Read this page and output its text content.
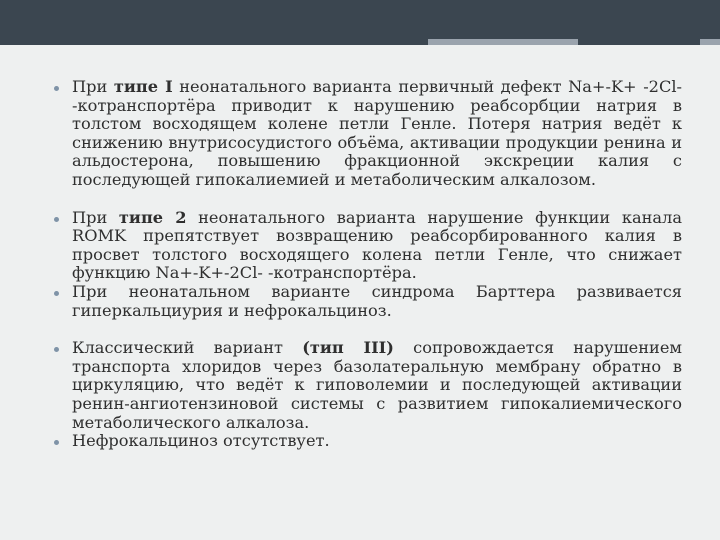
При типе I неонатального варианта первичный дефект Na+-K+ -2Cl- -котранспортёра приводит к нарушению реабсорбции натрия в толстом восходящем колене петли Генле. Потеря натрия ведёт к снижению внутрисосудистого объёма, активации продукции ренина и альдостерона, повышению фракционной экскреции калия с последующей гипокалиемией и метаболическим алкалозом.

При типе 2 неонатального варианта нарушение функции канала ROMK препятствует возвращению реабсорбированного калия в просвет толстого восходящего колена петли Генле, что снижает функцию Na+-K+-2Cl- -котранспортёра.

При неонатальном варианте синдрома Барттера развивается гиперкальциурия и нефрокальциноз.

Классический вариант (тип III) сопровождается нарушением транспорта хлоридов через базолатеральную мембрану обратно в циркуляцию, что ведёт к гиповолемии и последующей активации ренин-ангиотензиновой системы с развитием гипокалиемического метаболического алкалоза.

Нефрокальциноз отсутствует.
